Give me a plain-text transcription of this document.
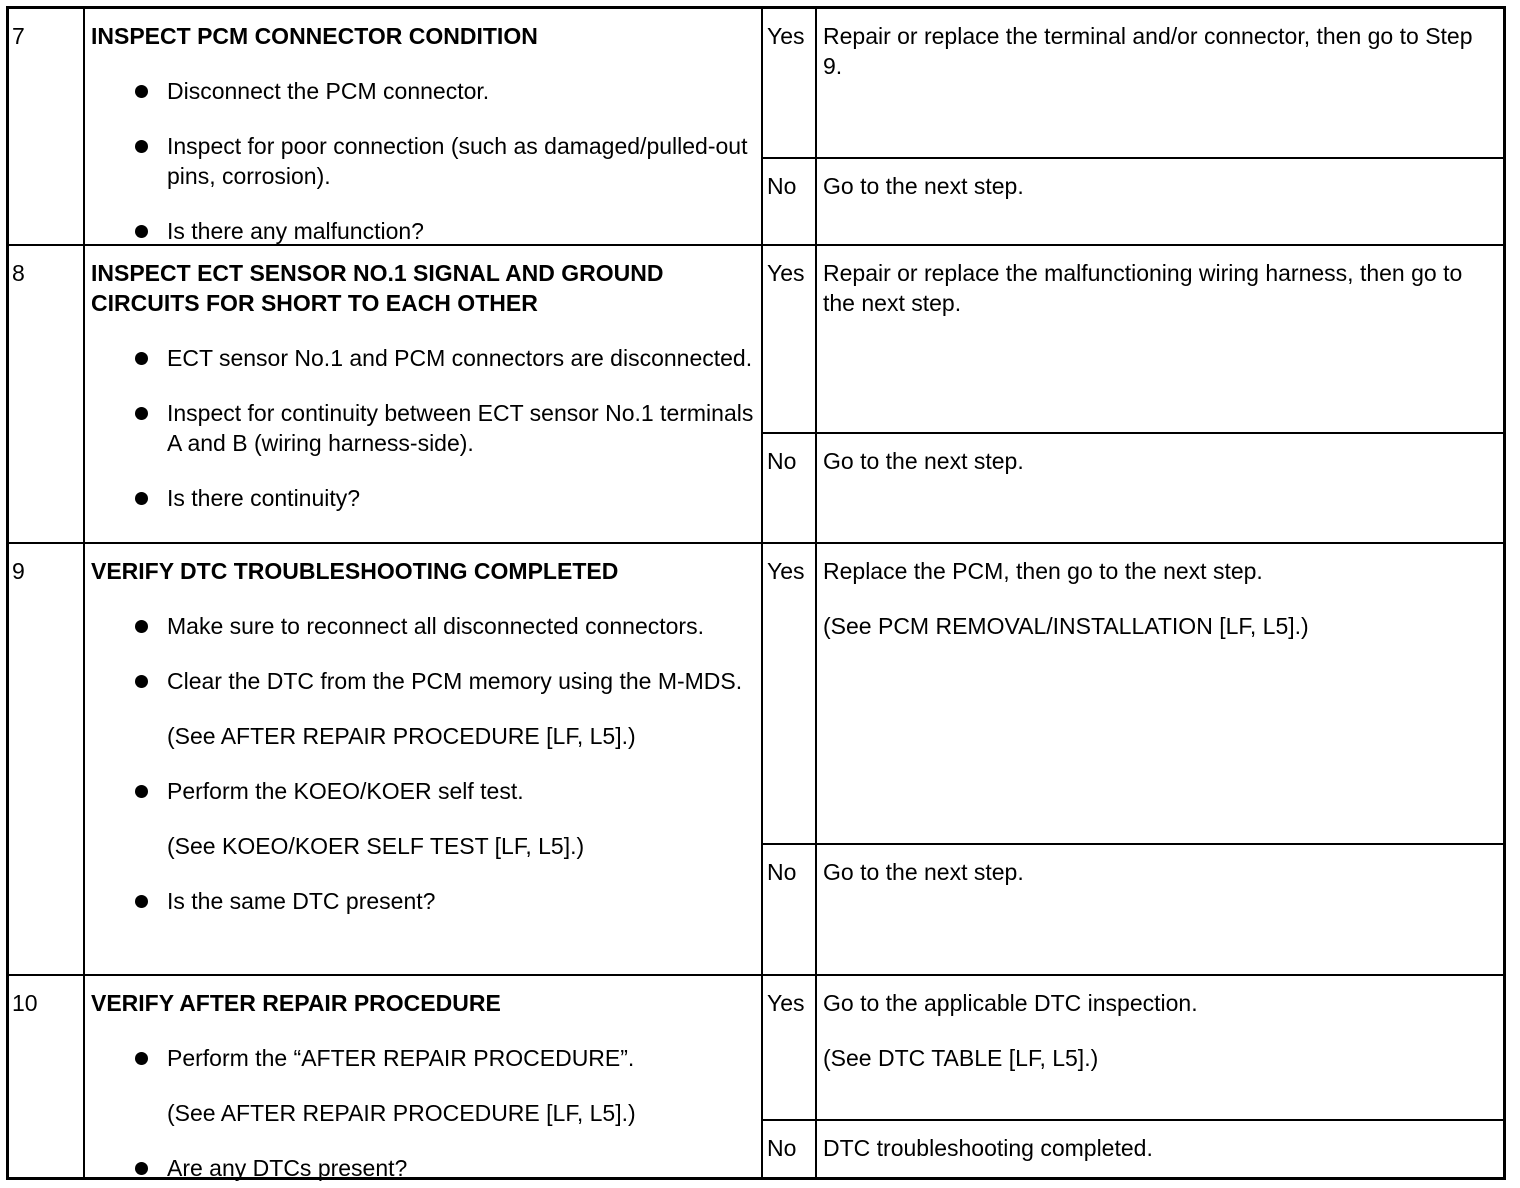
7	INSPECT PCM CONNECTOR CONDITION

Disconnect the PCM connector.
Inspect for poor connection (such as damaged/pulled-out pins, corrosion).
Is there any malfunction?
Yes Repair or replace the terminal and/or connector, then go to Step 9.

No	Go to the next step.

8	INSPECT ECT SENSOR NO.1 SIGNAL AND GROUND CIRCUITS FOR SHORT TO EACH OTHER

ECT sensor No.1 and PCM connectors are disconnected.
Inspect for continuity between ECT sensor No.1 terminals A and B (wiring harness-side).
Is there continuity?
Yes Repair or replace the malfunctioning wiring harness, then go to the next step.

No	Go to the next step.

9	VERIFY DTC TROUBLESHOOTING COMPLETED

Make sure to reconnect all disconnected connectors.
Clear the DTC from the PCM memory using the M-MDS.
(See AFTER REPAIR PROCEDURE [LF, L5].)
Perform the KOEO/KOER self test.
(See KOEO/KOER SELF TEST [LF, L5].)
Is the same DTC present?
Yes Replace the PCM, then go to the next step.

(See PCM REMOVAL/INSTALLATION [LF, L5].)

No	Go to the next step.

10	VERIFY AFTER REPAIR PROCEDURE

Perform the “AFTER REPAIR PROCEDURE”.
(See AFTER REPAIR PROCEDURE [LF, L5].)
Are any DTCs present?
Yes Go to the applicable DTC inspection.

(See DTC TABLE [LF, L5].)

No	DTC troubleshooting completed.
